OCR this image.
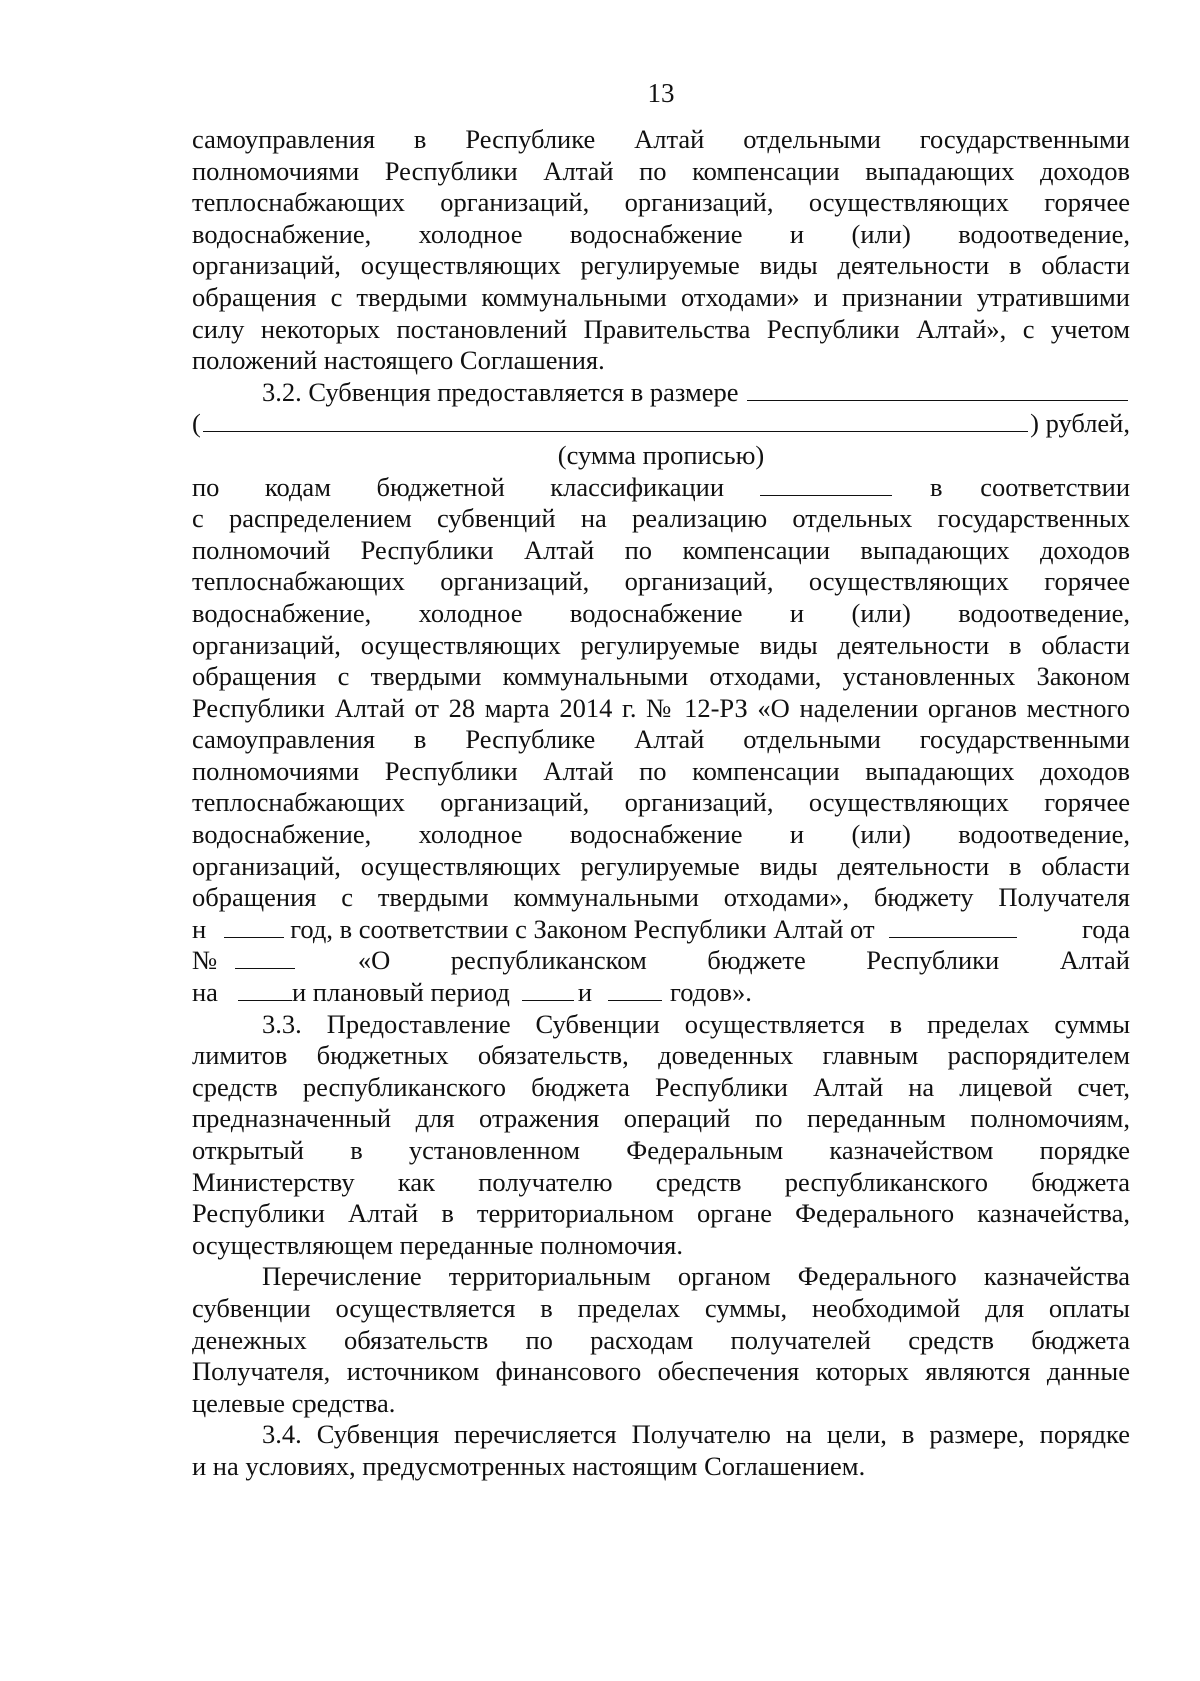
13
самоуправления в Республике Алтай отдельными государственными
полномочиями Республики Алтай по компенсации выпадающих доходов
теплоснабжающих организаций, организаций, осуществляющих горячее
водоснабжение, холодное водоснабжение и (или) водоотведение,
организаций, осуществляющих регулируемые виды деятельности в области
обращения с твердыми коммунальными отходами» и признании утратившими
силу некоторых постановлений Правительства Республики Алтай», с учетом
положений настоящего Соглашения.
3.2. Субвенция предоставляется в размере
(	) рублей,
(сумма прописью)
по кодам бюджетной классификации	в соответствии
с распределением субвенций на реализацию отдельных государственных
полномочий Республики Алтай по компенсации выпадающих доходов
теплоснабжающих организаций, организаций, осуществляющих горячее
водоснабжение, холодное водоснабжение и (или) водоотведение,
организаций, осуществляющих регулируемые виды деятельности в области
обращения с твердыми коммунальными отходами, установленных Законом
Республики Алтай от 28 марта 2014 г. № 12-РЗ «О наделении органов местного
самоуправления в Республике Алтай отдельными государственными
полномочиями Республики Алтай по компенсации выпадающих доходов
теплоснабжающих организаций, организаций, осуществляющих горячее
водоснабжение, холодное водоснабжение и (или) водоотведение,
организаций, осуществляющих регулируемые виды деятельности в области
обращения с твердыми коммунальными отходами», бюджету Получателя
н	год, в соответствии с Законом Республики Алтай от	года
№	«О республиканском бюджете Республики Алтай
на	и плановый период	и	годов».
3.3. Предоставление Субвенции осуществляется в пределах суммы
лимитов бюджетных обязательств, доведенных главным распорядителем
средств республиканского бюджета Республики Алтай на лицевой счет,
предназначенный для отражения операций по переданным полномочиям,
открытый в установленном Федеральным казначейством порядке
Министерству как получателю средств республиканского бюджета
Республики Алтай в территориальном органе Федерального казначейства,
осуществляющем переданные полномочия.
Перечисление территориальным органом Федерального казначейства
субвенции осуществляется в пределах суммы, необходимой для оплаты
денежных обязательств по расходам получателей средств бюджета
Получателя, источником финансового обеспечения которых являются данные
целевые средства.
3.4. Субвенция перечисляется Получателю на цели, в размере, порядке
и на условиях, предусмотренных настоящим Соглашением.
